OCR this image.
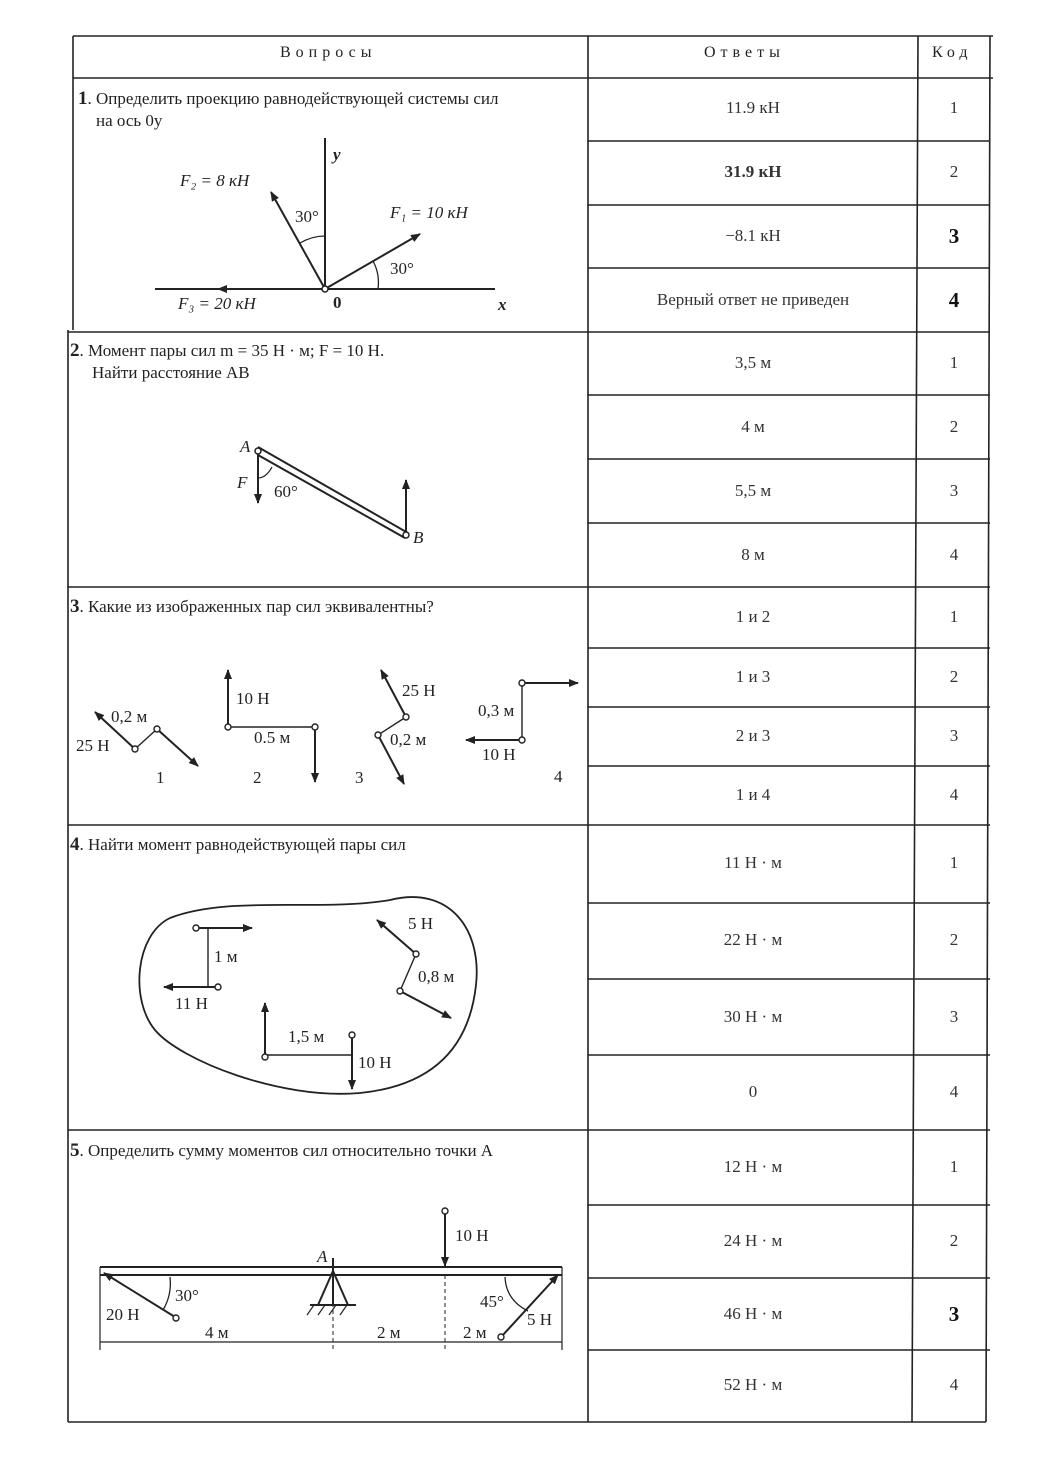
Вопросы	Ответы	Код
1. Определить проекцию равнодействующей системы сил
на ось 0y
F₂ = 8 кН
F₁ = 10 кН
F₃ = 20 кН
30°
30°
y
x
0
11.9 кН	1
31.9 кН	2
−8.1 кН	3
Верный ответ не приведен	4
2. Момент пары сил m = 35 Н · м; F = 10 Н.
Найти расстояние AB
A
B
F 60°
3,5 м	1
4 м	2
5,5 м	3
8 м	4
3. Какие из изображенных пар сил эквивалентны?
0,2 м
25 Н
1
10 Н
0.5 м
2
25 Н
0,2 м
3
0,3 м
10 Н
4
1 и 2	1
1 и 3	2
2 и 3	3
1 и 4	4
4. Найти момент равнодействующей пары сил
1 м
11 Н
5 Н
0,8 м
1,5 м
10 Н
11 Н · м	1
22 Н · м	2
30 Н · м	3
0	4
5. Определить сумму моментов сил относительно точки A
A
10 Н
20 Н	5 Н
30°	45°
4 м	2 м	2 м
12 Н · м	1
24 Н · м	2
46 Н · м	3
52 Н · м	4
